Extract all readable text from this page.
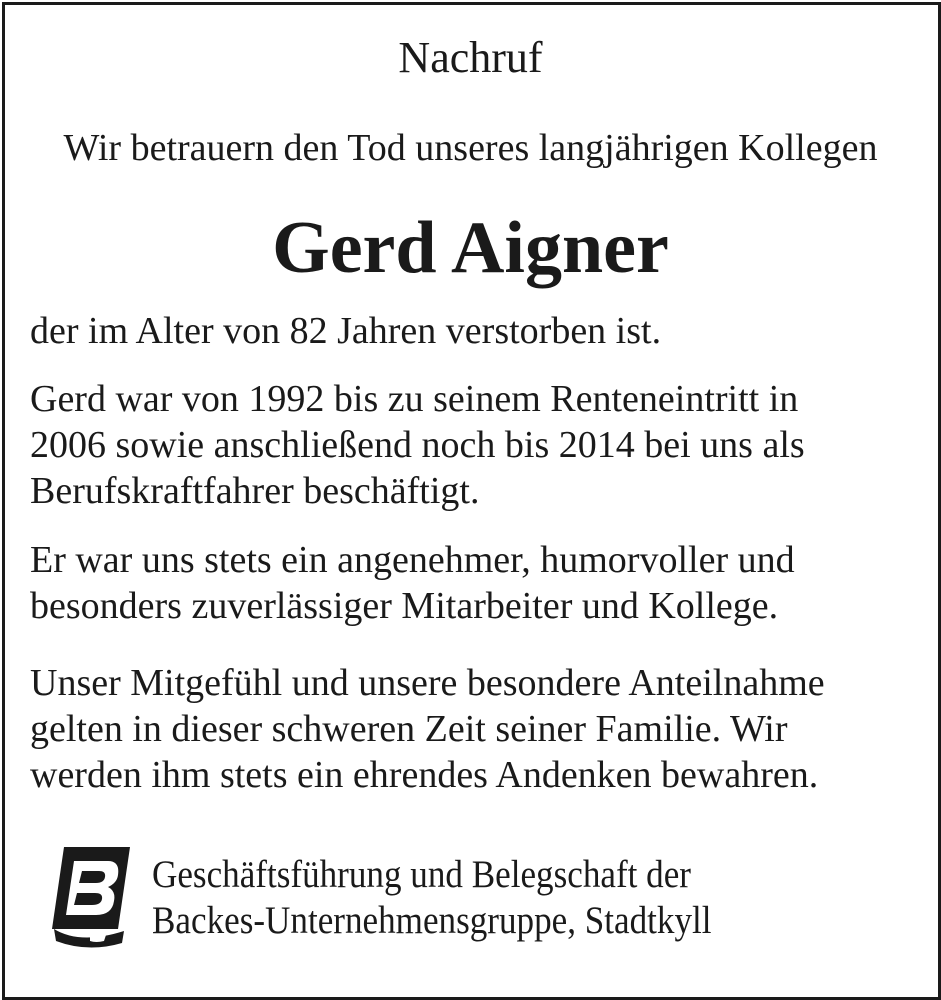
Nachruf
Wir betrauern den Tod unseres langjährigen Kollegen
Gerd Aigner
der im Alter von 82 Jahren verstorben ist.
Gerd war von 1992 bis zu seinem Renteneintritt in
2006 sowie anschließend noch bis 2014 bei uns als
Berufskraftfahrer beschäftigt.
Er war uns stets ein angenehmer, humorvoller und
besonders zuverlässiger Mitarbeiter und Kollege.
Unser Mitgefühl und unsere besondere Anteilnahme
gelten in dieser schweren Zeit seiner Familie. Wir
werden ihm stets ein ehrendes Andenken bewahren.
Geschäftsführung und Belegschaft der
Backes-Unternehmensgruppe, Stadtkyll
